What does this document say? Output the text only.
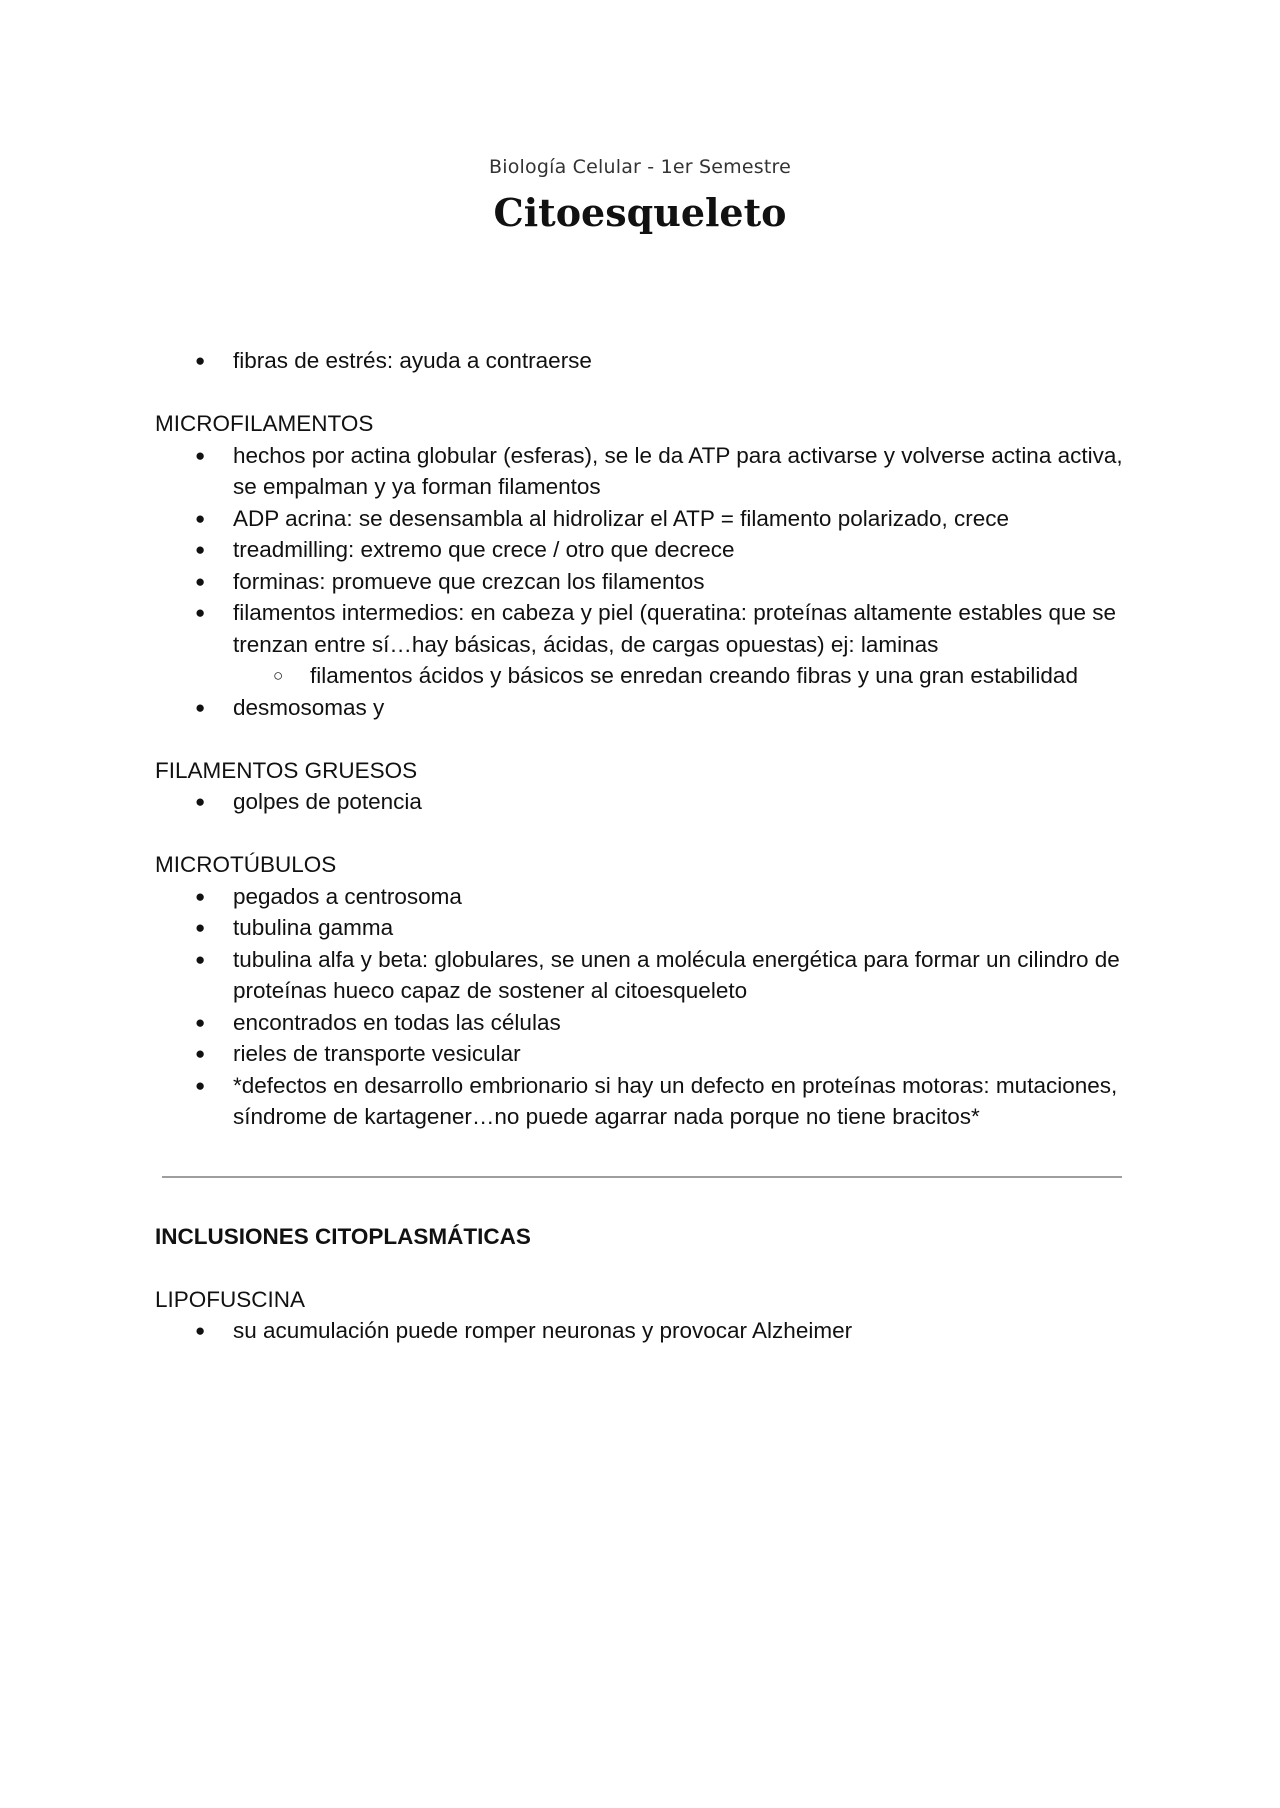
Biología Celular - 1er Semestre
Citoesqueleto
● fibras de estrés: ayuda a contraerse

MICROFILAMENTOS

● hechos por actina globular (esferas), se le da ATP para activarse y volverse actina activa, se empalman y ya forman filamentos
● ADP acrina: se desensambla al hidrolizar el ATP = filamento polarizado, crece
● treadmilling: extremo que crece / otro que decrece
● forminas: promueve que crezcan los filamentos
● filamentos intermedios: en cabeza y piel (queratina: proteínas altamente estables que se trenzan entre sí…hay básicas, ácidas, de cargas opuestas) ej: laminas
○ filamentos ácidos y básicos se enredan creando fibras y una gran estabilidad
● desmosomas y

FILAMENTOS GRUESOS

● golpes de potencia

MICROTÚBULOS

● pegados a centrosoma
● tubulina gamma
● tubulina alfa y beta: globulares, se unen a molécula energética para formar un cilindro de proteínas hueco capaz de sostener al citoesqueleto
● encontrados en todas las células
● rieles de transporte vesicular
● *defectos en desarrollo embrionario si hay un defecto en proteínas motoras: mutaciones, síndrome de kartagener…no puede agarrar nada porque no tiene bracitos*

INCLUSIONES CITOPLASMÁTICAS

LIPOFUSCINA

● su acumulación puede romper neuronas y provocar Alzheimer
